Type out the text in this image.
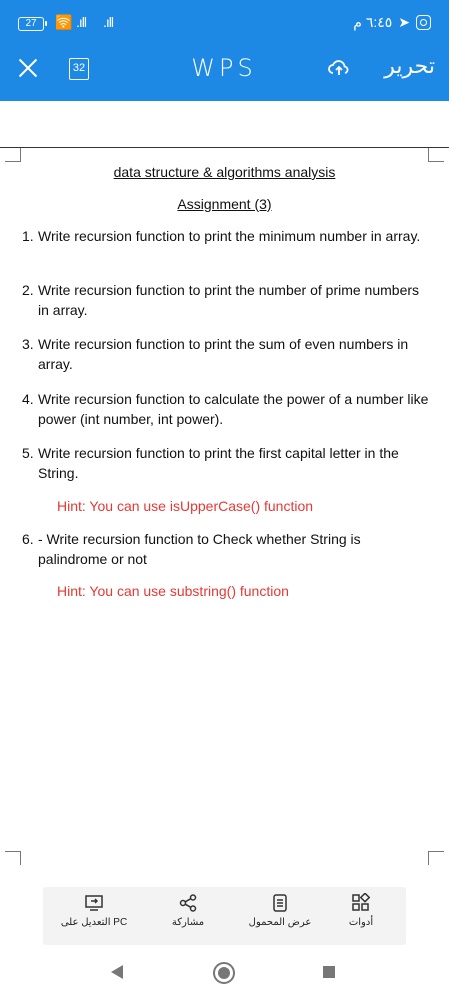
27	🛜 .ıll .ıll	٦:٤٥ م ➤
32	WPS	تحرير
data structure & algorithms analysis
Assignment (3)
1. Write recursion function to print the minimum number in array.
2. Write recursion function to print the number of prime numbers in array.
3. Write recursion function to print the sum of even numbers in array.
4. Write recursion function to calculate the power of a number like power (int number, int power).
5. Write recursion function to print the first capital letter in the String.
Hint: You can use isUpperCase() function
6. - Write recursion function to Check whether String is palindrome or not
Hint: You can use substring() function
التعديل على PC	مشاركة	عرض المحمول	أدوات
